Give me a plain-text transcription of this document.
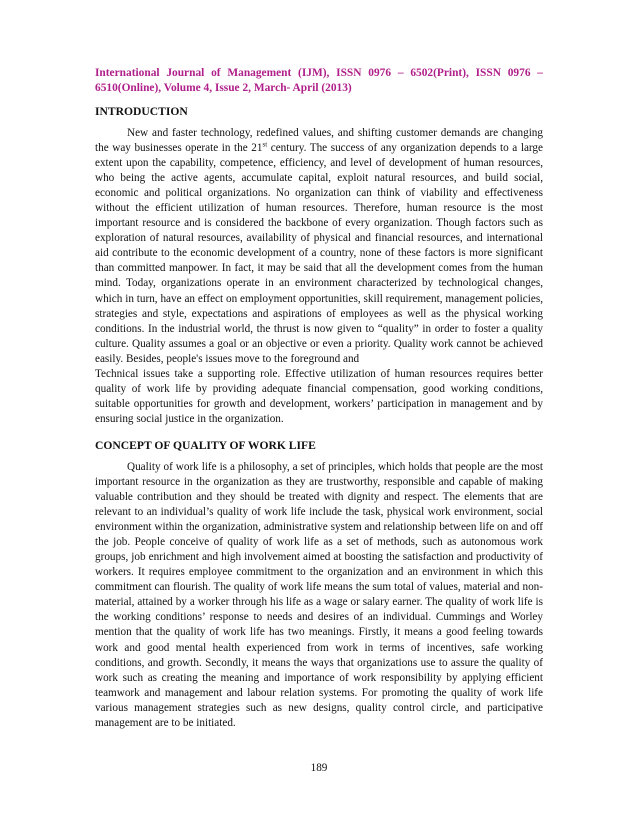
International Journal of Management (IJM), ISSN 0976 – 6502(Print), ISSN 0976 – 6510(Online), Volume 4, Issue 2, March- April (2013)

INTRODUCTION

New and faster technology, redefined values, and shifting customer demands are changing the way businesses operate in the 21st century. The success of any organization depends to a large extent upon the capability, competence, efficiency, and level of development of human resources, who being the active agents, accumulate capital, exploit natural resources, and build social, economic and political organizations. No organization can think of viability and effectiveness without the efficient utilization of human resources. Therefore, human resource is the most important resource and is considered the backbone of every organization. Though factors such as exploration of natural resources, availability of physical and financial resources, and international aid contribute to the economic development of a country, none of these factors is more significant than committed manpower. In fact, it may be said that all the development comes from the human mind. Today, organizations operate in an environment characterized by technological changes, which in turn, have an effect on employment opportunities, skill requirement, management policies, strategies and style, expectations and aspirations of employees as well as the physical working conditions. In the industrial world, the thrust is now given to “quality” in order to foster a quality culture. Quality assumes a goal or an objective or even a priority. Quality work cannot be achieved easily. Besides, people's issues move to the foreground and
Technical issues take a supporting role. Effective utilization of human resources requires better quality of work life by providing adequate financial compensation, good working conditions, suitable opportunities for growth and development, workers’ participation in management and by ensuring social justice in the organization.

CONCEPT OF QUALITY OF WORK LIFE

Quality of work life is a philosophy, a set of principles, which holds that people are the most important resource in the organization as they are trustworthy, responsible and capable of making valuable contribution and they should be treated with dignity and respect. The elements that are relevant to an individual’s quality of work life include the task, physical work environment, social environment within the organization, administrative system and relationship between life on and off the job. People conceive of quality of work life as a set of methods, such as autonomous work groups, job enrichment and high involvement aimed at boosting the satisfaction and productivity of workers. It requires employee commitment to the organization and an environment in which this commitment can flourish. The quality of work life means the sum total of values, material and non-material, attained by a worker through his life as a wage or salary earner. The quality of work life is the working conditions’ response to needs and desires of an individual. Cummings and Worley mention that the quality of work life has two meanings. Firstly, it means a good feeling towards work and good mental health experienced from work in terms of incentives, safe working conditions, and growth. Secondly, it means the ways that organizations use to assure the quality of work such as creating the meaning and importance of work responsibility by applying efficient teamwork and management and labour relation systems. For promoting the quality of work life various management strategies such as new designs, quality control circle, and participative management are to be initiated.

189
